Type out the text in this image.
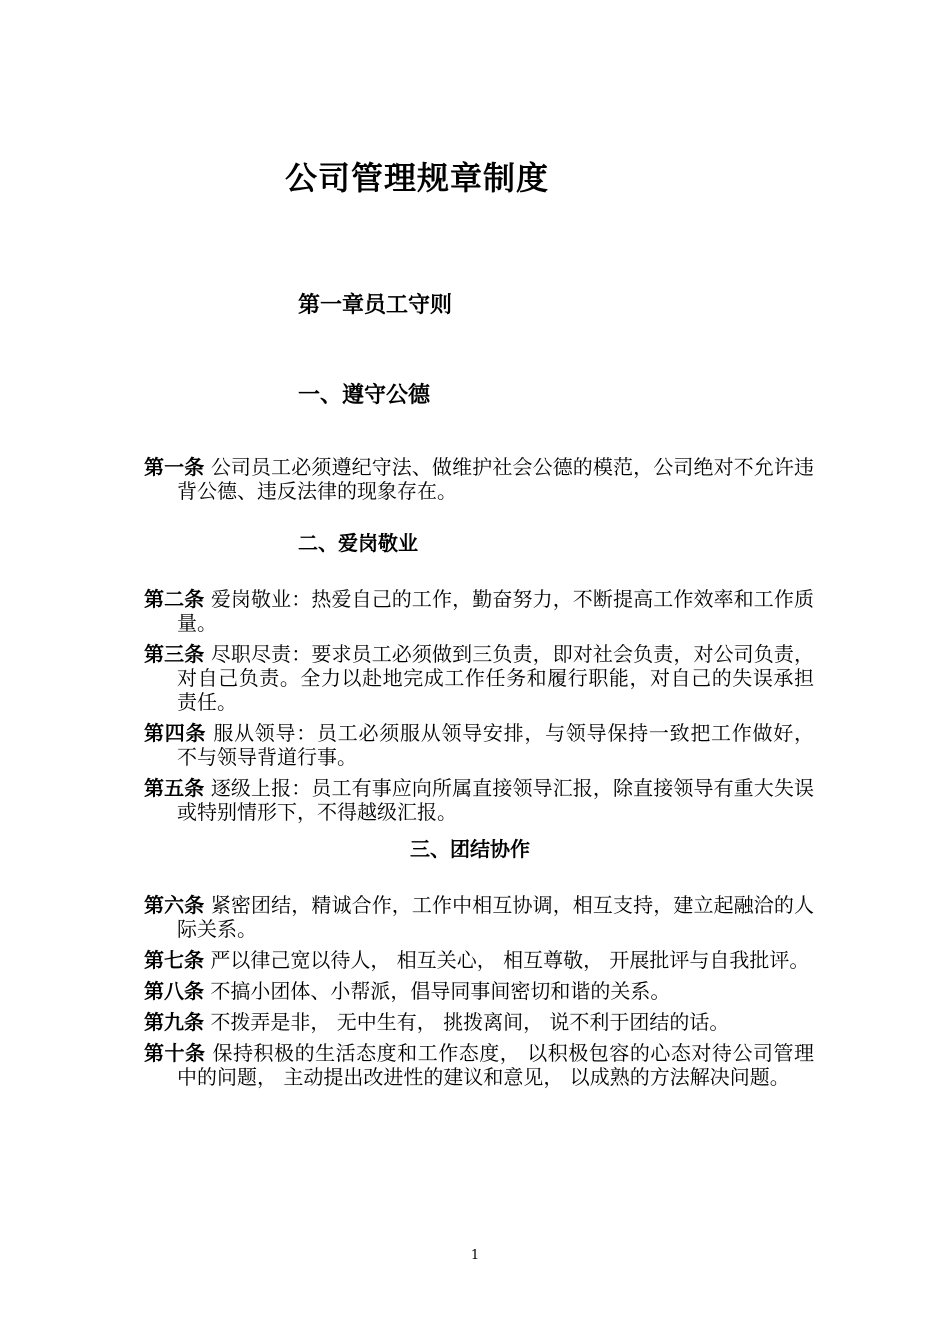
公司管理规章制度
第一章员工守则
一、遵守公德

第一条 公司员工必须遵纪守法、做维护社会公德的模范，公司绝对不允许违背公德、违反法律的现象存在。

二、爱岗敬业

第二条 爱岗敬业：热爱自己的工作，勤奋努力，不断提高工作效率和工作质量。

第三条 尽职尽责：要求员工必须做到三负责，即对社会负责，对公司负责，对自己负责。全力以赴地完成工作任务和履行职能，对自己的失误承担责任。

第四条 服从领导：员工必须服从领导安排，与领导保持一致把工作做好， 不与领导背道行事。

第五条 逐级上报：员工有事应向所属直接领导汇报，除直接领导有重大失误或特别情形下，不得越级汇报。

三、团结协作

第六条 紧密团结，精诚合作，工作中相互协调，相互支持，建立起融洽的人际关系。

第七条 严以律己宽以待人， 相互关心， 相互尊敬， 开展批评与自我批评。

第八条 不搞小团体、小帮派，倡导同事间密切和谐的关系。

第九条 不拨弄是非， 无中生有， 挑拨离间， 说不利于团结的话。

第十条 保持积极的生活态度和工作态度， 以积极包容的心态对待公司管理中的问题， 主动提出改进性的建议和意见， 以成熟的方法解决问题。

1
